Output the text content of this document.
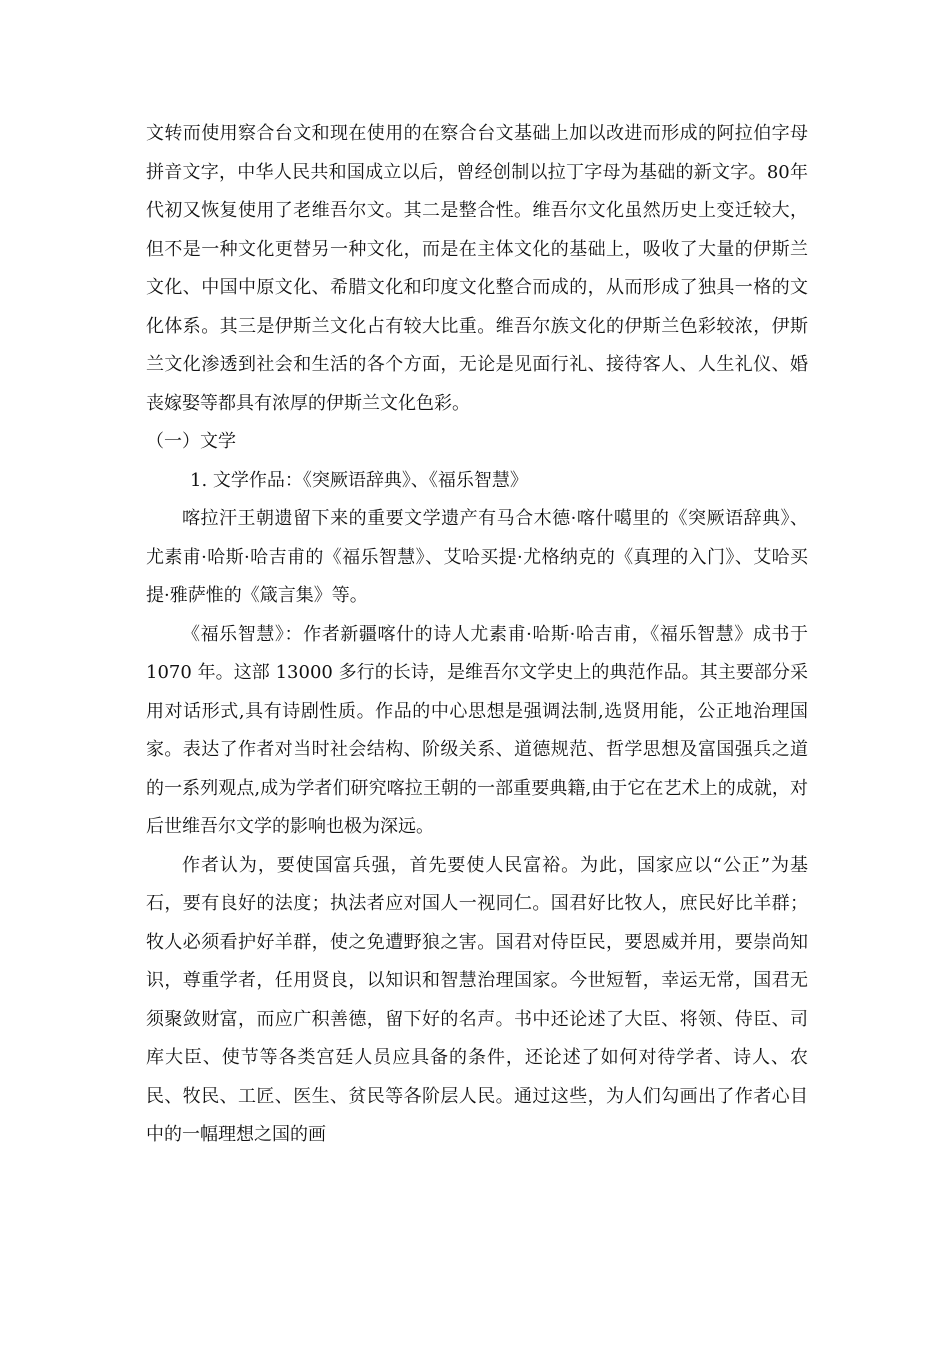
文转而使用察合台文和现在使用的在察合台文基础上加以改进而形成的阿拉伯字母拼音文字，中华人民共和国成立以后，曾经创制以拉丁字母为基础的新文字。80年代初又恢复使用了老维吾尔文。其二是整合性。维吾尔文化虽然历史上变迁较大，但不是一种文化更替另一种文化，而是在主体文化的基础上，吸收了大量的伊斯兰文化、中国中原文化、希腊文化和印度文化整合而成的，从而形成了独具一格的文化体系。其三是伊斯兰文化占有较大比重。维吾尔族文化的伊斯兰色彩较浓，伊斯兰文化渗透到社会和生活的各个方面，无论是见面行礼、接待客人、人生礼仪、婚丧嫁娶等都具有浓厚的伊斯兰文化色彩。

（一）文学

1. 文学作品：《突厥语辞典》、《福乐智慧》

喀拉汗王朝遗留下来的重要文学遗产有马合木德·喀什噶里的《突厥语辞典》、尤素甫·哈斯·哈吉甫的《福乐智慧》、艾哈买提·尤格纳克的《真理的入门》、艾哈买提·雅萨惟的《箴言集》等。

《福乐智慧》：作者新疆喀什的诗人尤素甫·哈斯·哈吉甫，《福乐智慧》成书于 1070 年。这部 13000 多行的长诗，是维吾尔文学史上的典范作品。其主要部分采用对话形式,具有诗剧性质。作品的中心思想是强调法制,选贤用能，公正地治理国家。表达了作者对当时社会结构、阶级关系、道德规范、哲学思想及富国强兵之道的一系列观点,成为学者们研究喀拉王朝的一部重要典籍,由于它在艺术上的成就，对后世维吾尔文学的影响也极为深远。

作者认为，要使国富兵强，首先要使人民富裕。为此，国家应以“公正”为基石，要有良好的法度；执法者应对国人一视同仁。国君好比牧人，庶民好比羊群；牧人必须看护好羊群，使之免遭野狼之害。国君对侍臣民，要恩威并用，要崇尚知识，尊重学者，任用贤良，以知识和智慧治理国家。今世短暂，幸运无常，国君无须聚敛财富，而应广积善德，留下好的名声。书中还论述了大臣、将领、侍臣、司库大臣、使节等各类宫廷人员应具备的条件，还论述了如何对待学者、诗人、农民、牧民、工匠、医生、贫民等各阶层人民。通过这些，为人们勾画出了作者心目中的一幅理想之国的画
